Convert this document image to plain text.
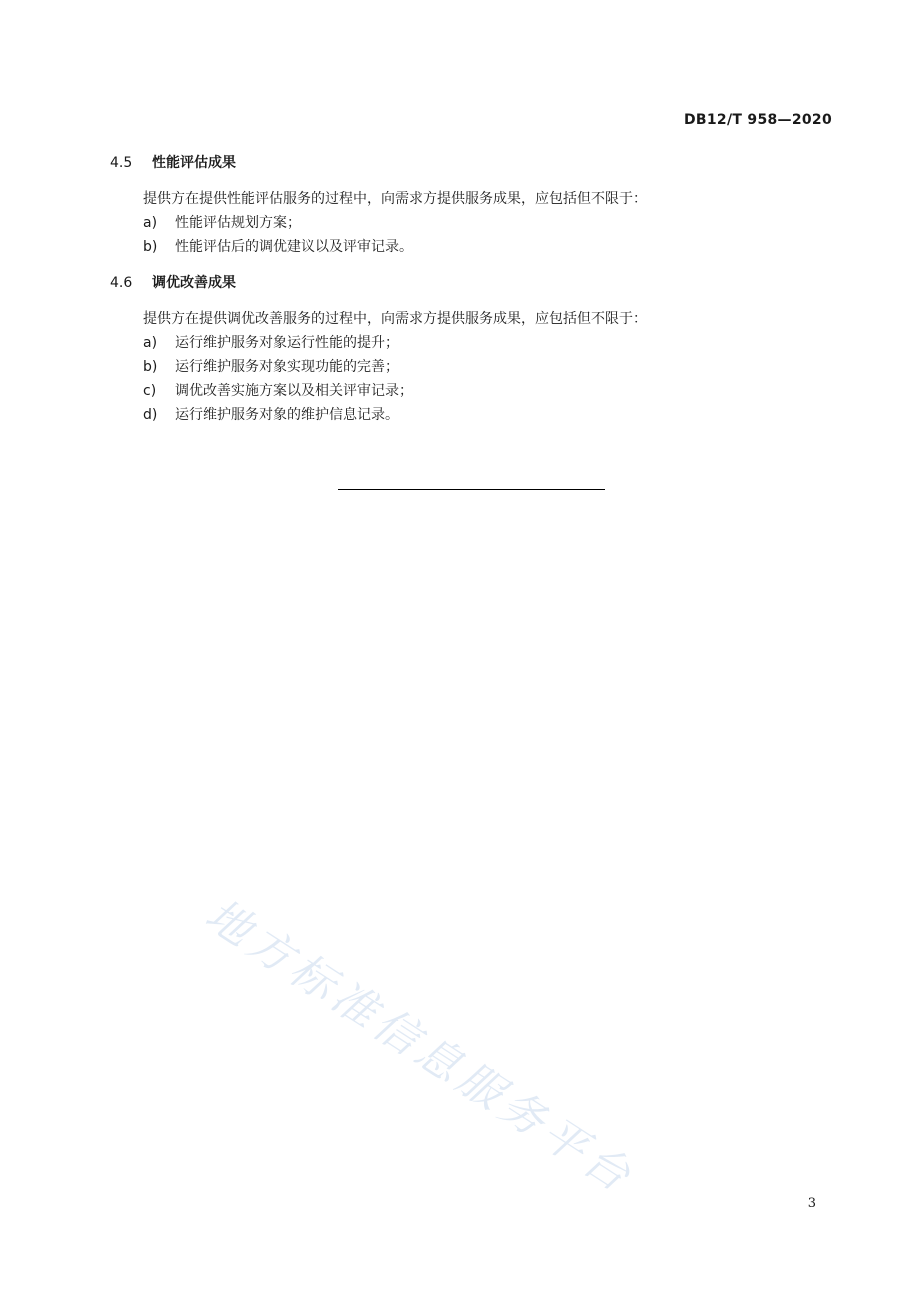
DB12/T 958—2020
4.5 性能评估成果
提供方在提供性能评估服务的过程中，向需求方提供服务成果，应包括但不限于：
a) 性能评估规划方案；
b) 性能评估后的调优建议以及评审记录。
4.6 调优改善成果
提供方在提供调优改善服务的过程中，向需求方提供服务成果，应包括但不限于：
a) 运行维护服务对象运行性能的提升；
b) 运行维护服务对象实现功能的完善；
c) 调优改善实施方案以及相关评审记录；
d) 运行维护服务对象的维护信息记录。
地方标准信息服务平台	3
